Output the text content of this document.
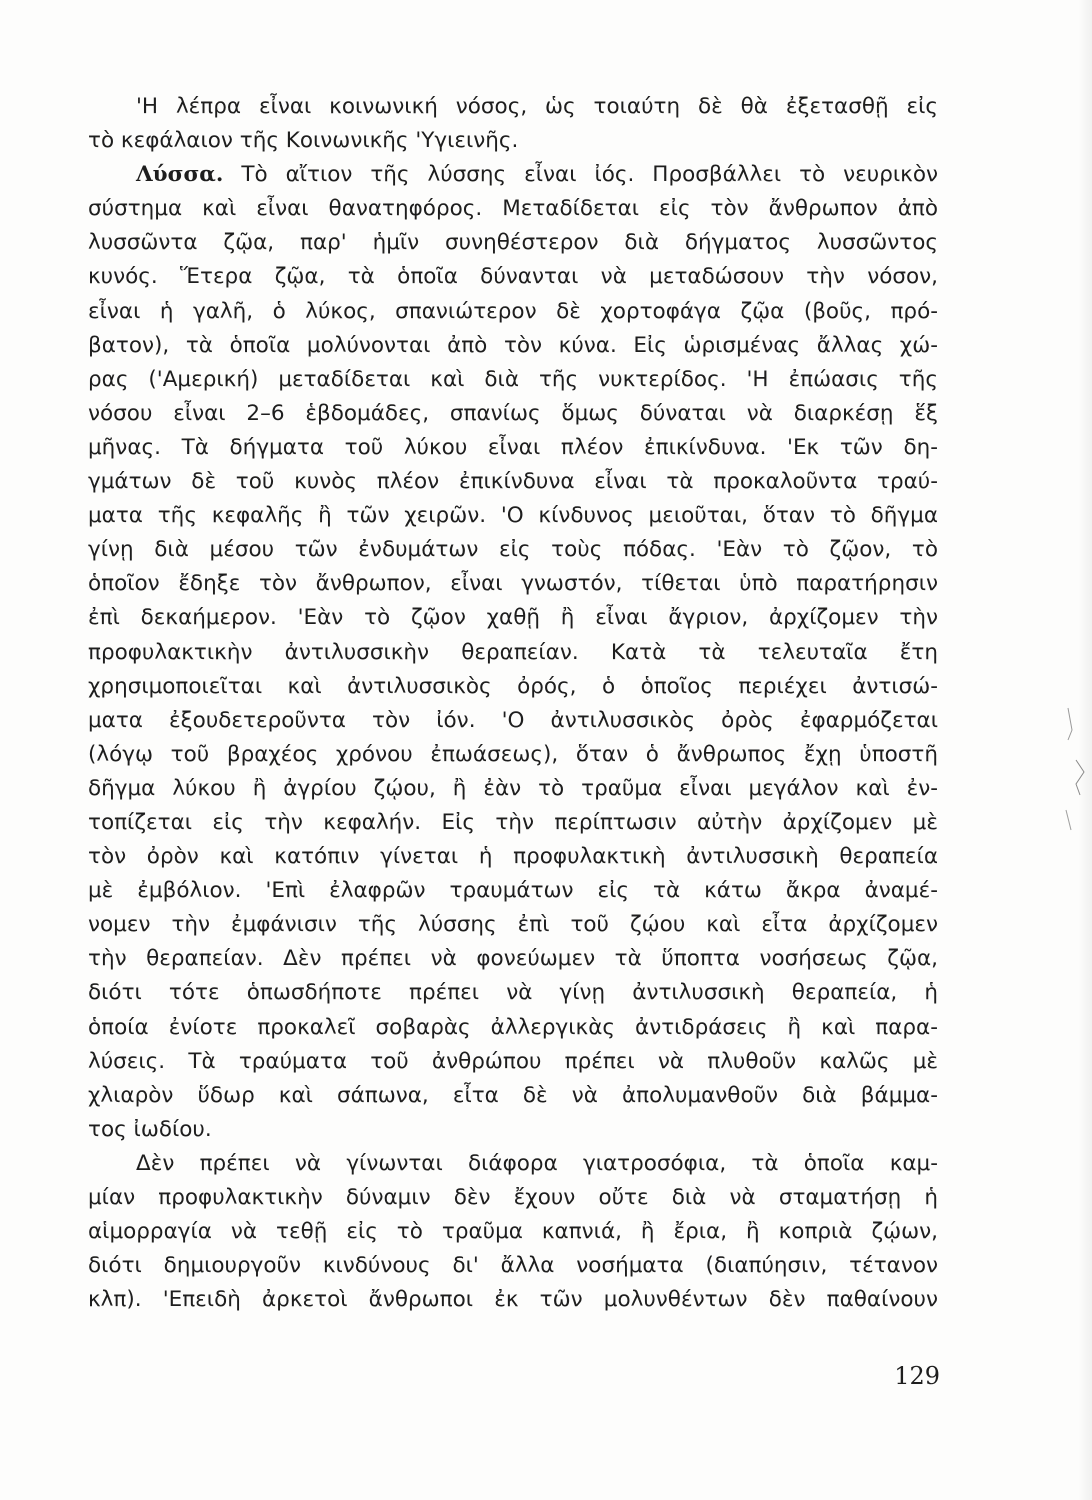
'Η λέπρα εἶναι κοινωνική νόσος, ὡς τοιαύτη δὲ θὰ ἐξετασθῇ εἰς
τὸ κεφάλαιον τῆς Κοινωνικῆς 'Υγιεινῆς.
Λύσσα. Τὸ αἴτιον τῆς λύσσης εἶναι ἰός. Προσβάλλει τὸ νευρικὸν
σύστημα καὶ εἶναι θανατηφόρος. Μεταδίδεται εἰς τὸν ἄνθρωπον ἀπὸ
λυσσῶντα ζῷα, παρ' ἡμῖν συνηθέστερον διὰ δήγματος λυσσῶντος
κυνός. Ἕτερα ζῷα, τὰ ὁποῖα δύνανται νὰ μεταδώσουν τὴν νόσον,
εἶναι ἡ γαλῆ, ὁ λύκος, σπανιώτερον δὲ χορτοφάγα ζῷα (βοῦς, πρό-
βατον), τὰ ὁποῖα μολύνονται ἀπὸ τὸν κύνα. Εἰς ὡρισμένας ἄλλας χώ-
ρας ('Αμερική) μεταδίδεται καὶ διὰ τῆς νυκτερίδος. 'Η ἐπώασις τῆς
νόσου εἶναι 2–6 ἑβδομάδες, σπανίως ὅμως δύναται νὰ διαρκέσῃ ἕξ
μῆνας. Τὰ δήγματα τοῦ λύκου εἶναι πλέον ἐπικίνδυνα. 'Εκ τῶν δη-
γμάτων δὲ τοῦ κυνὸς πλέον ἐπικίνδυνα εἶναι τὰ προκαλοῦντα τραύ-
ματα τῆς κεφαλῆς ἢ τῶν χειρῶν. 'Ο κίνδυνος μειοῦται, ὅταν τὸ δῆγμα
γίνῃ διὰ μέσου τῶν ἐνδυμάτων εἰς τοὺς πόδας. 'Εὰν τὸ ζῷον, τὸ
ὁποῖον ἔδηξε τὸν ἄνθρωπον, εἶναι γνωστόν, τίθεται ὑπὸ παρατήρησιν
ἐπὶ δεκαήμερον. 'Εὰν τὸ ζῷον χαθῇ ἢ εἶναι ἄγριον, ἀρχίζομεν τὴν
προφυλακτικὴν ἀντιλυσσικὴν θεραπείαν. Κατὰ τὰ τελευταῖα ἔτη
χρησιμοποιεῖται καὶ ἀντιλυσσικὸς ὀρός, ὁ ὁποῖος περιέχει ἀντισώ-
ματα ἐξουδετεροῦντα τὸν ἰόν. 'Ο ἀντιλυσσικὸς ὀρὸς ἐφαρμόζεται
(λόγῳ τοῦ βραχέος χρόνου ἐπωάσεως), ὅταν ὁ ἄνθρωπος ἔχῃ ὑποστῆ
δῆγμα λύκου ἢ ἀγρίου ζῴου, ἢ ἐὰν τὸ τραῦμα εἶναι μεγάλον καὶ ἐν-
τοπίζεται εἰς τὴν κεφαλήν. Εἰς τὴν περίπτωσιν αὐτὴν ἀρχίζομεν μὲ
τὸν ὀρὸν καὶ κατόπιν γίνεται ἡ προφυλακτικὴ ἀντιλυσσικὴ θεραπεία
μὲ ἐμβόλιον. 'Επὶ ἐλαφρῶν τραυμάτων εἰς τὰ κάτω ἄκρα ἀναμέ-
νομεν τὴν ἐμφάνισιν τῆς λύσσης ἐπὶ τοῦ ζῴου καὶ εἶτα ἀρχίζομεν
τὴν θεραπείαν. Δὲν πρέπει νὰ φονεύωμεν τὰ ὕποπτα νοσήσεως ζῷα,
διότι τότε ὁπωσδήποτε πρέπει νὰ γίνῃ ἀντιλυσσικὴ θεραπεία, ἡ
ὁποία ἐνίοτε προκαλεῖ σοβαρὰς ἀλλεργικὰς ἀντιδράσεις ἢ καὶ παρα-
λύσεις. Τὰ τραύματα τοῦ ἀνθρώπου πρέπει νὰ πλυθοῦν καλῶς μὲ
χλιαρὸν ὕδωρ καὶ σάπωνα, εἶτα δὲ νὰ ἀπολυμανθοῦν διὰ βάμμα-
τος ἰωδίου.
Δὲν πρέπει νὰ γίνωνται διάφορα γιατροσόφια, τὰ ὁποῖα καμ-
μίαν προφυλακτικὴν δύναμιν δὲν ἔχουν οὔτε διὰ νὰ σταματήσῃ ἡ
αἱμορραγία νὰ τεθῇ εἰς τὸ τραῦμα καπνιά, ἢ ἔρια, ἢ κοπριὰ ζῴων,
διότι δημιουργοῦν κινδύνους δι' ἄλλα νοσήματα (διαπύησιν, τέτανον
κλπ). 'Επειδὴ ἀρκετοὶ ἄνθρωποι ἐκ τῶν μολυνθέντων δὲν παθαίνουν
129
